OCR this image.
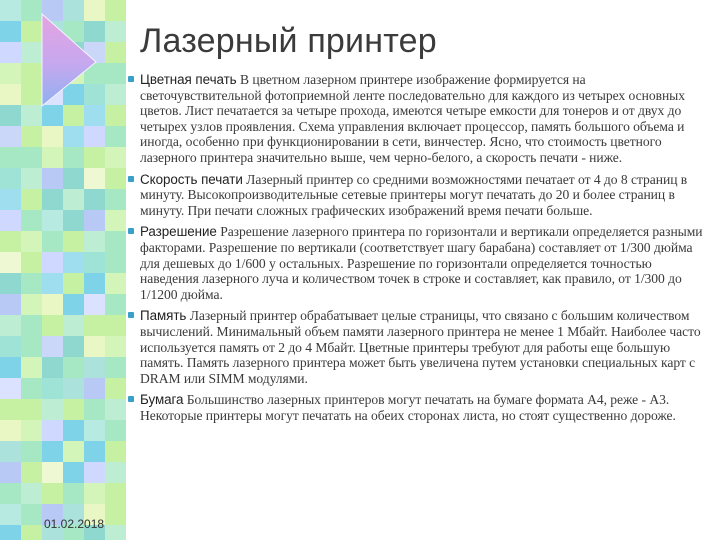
Лазерный принтер

Цветная печать В цветном лазерном принтере изображение формируется на светочувствительной фотоприемной ленте последовательно для каждого из четырех основных цветов. Лист печатается за четыре прохода, имеются четыре емкости для тонеров и от двух до четырех узлов проявления. Схема управления включает процессор, память большого объема и иногда, особенно при функционировании в сети, винчестер. Ясно, что стоимость цветного лазерного принтера значительно выше, чем черно-белого, а скорость печати - ниже.

Скорость печати Лазерный принтер со средними возможностями печатает от 4 до 8 страниц в минуту. Высокопроизводительные сетевые принтеры могут печатать до 20 и более страниц в минуту. При печати сложных графических изображений время печати больше.

Разрешение Разрешение лазерного принтера по горизонтали и вертикали определяется разными факторами. Разрешение по вертикали (соответствует шагу барабана) составляет от 1/300 дюйма для дешевых до 1/600 у остальных. Разрешение по горизонтали определяется точностью наведения лазерного луча и количеством точек в строке и составляет, как правило, от 1/300 до 1/1200 дюйма.

Память Лазерный принтер обрабатывает целые страницы, что связано с большим количеством вычислений. Минимальный объем памяти лазерного принтера не менее 1 Мбайт. Наиболее часто используется память от 2 до 4 Мбайт. Цветные принтеры требуют для работы еще большую память. Память лазерного принтера может быть увеличена путем установки специальных карт с DRAM или SIMM модулями.

Бумага Большинство лазерных принтеров могут печатать на бумаге формата А4, реже - А3. Некоторые принтеры могут печатать на обеих сторонах листа, но стоят существенно дороже.

01.02.2018
